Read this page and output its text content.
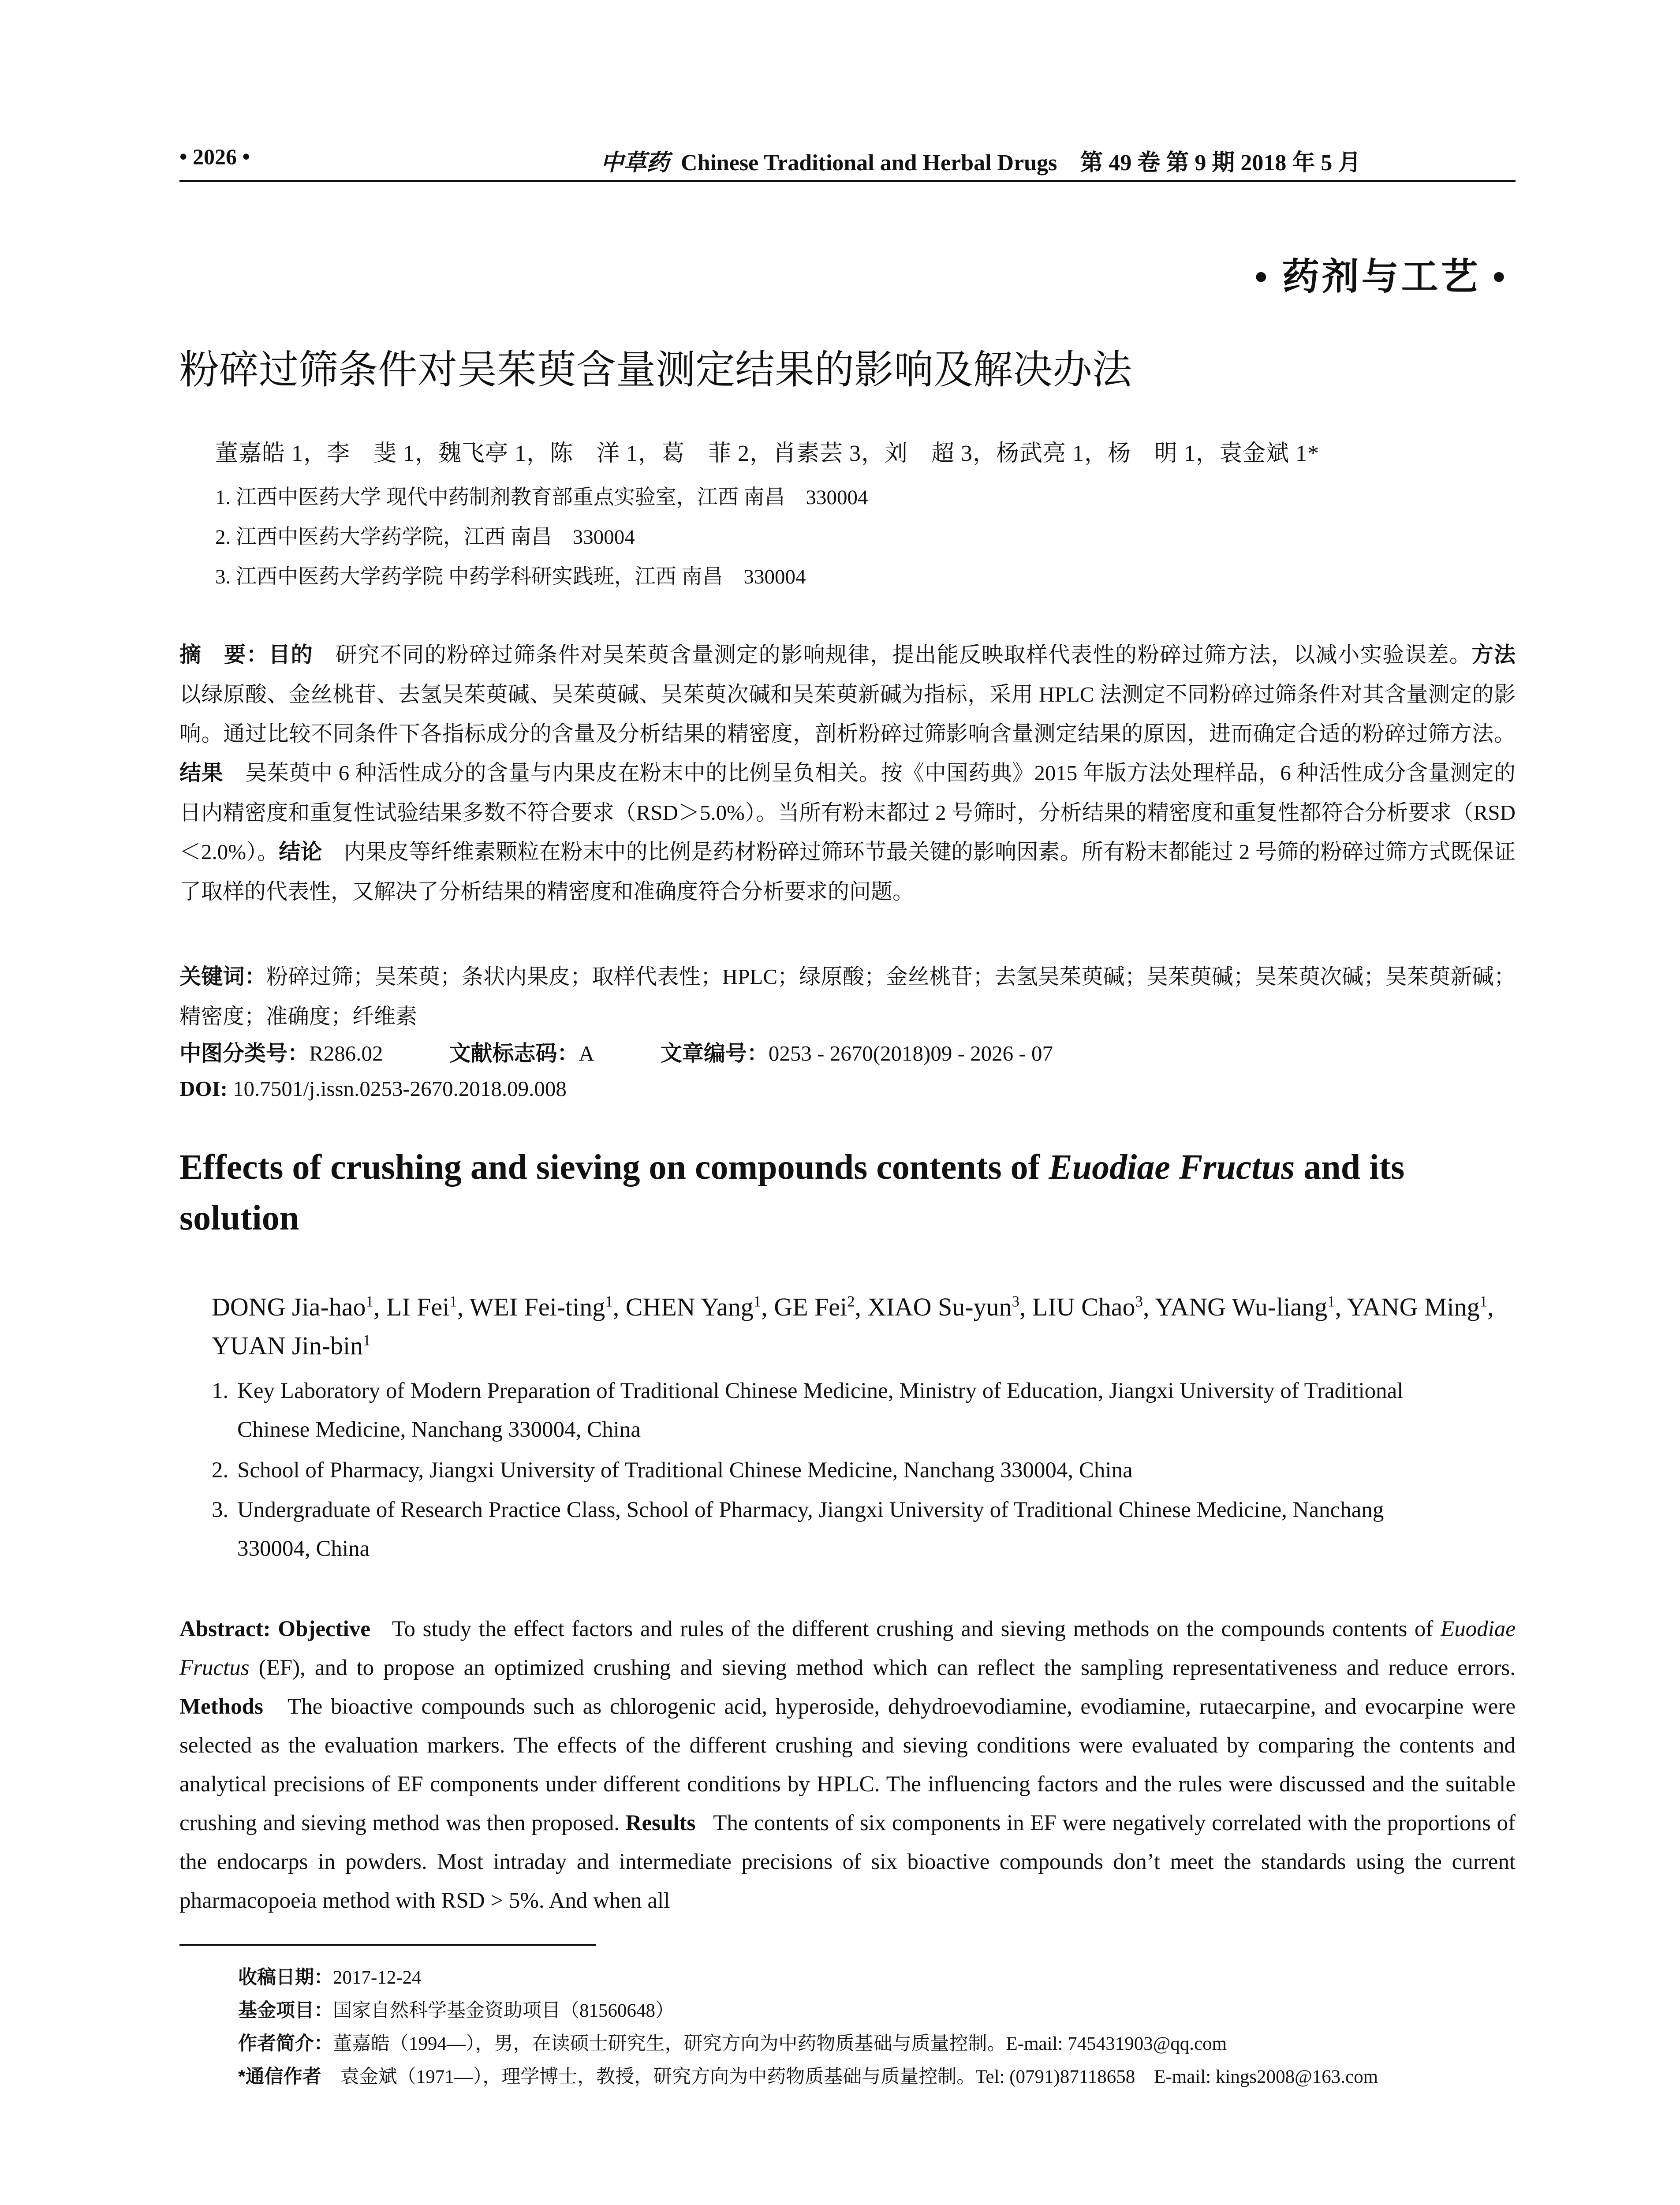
• 2026 •	中草药 Chinese Traditional and Herbal Drugs　第 49 卷 第 9 期 2018 年 5 月
• 药剂与工艺 •
粉碎过筛条件对吴茱萸含量测定结果的影响及解决办法
董嘉皓 1，李　斐 1，魏飞亭 1，陈　洋 1，葛　菲 2，肖素芸 3，刘　超 3，杨武亮 1，杨　明 1，袁金斌 1*
1. 江西中医药大学 现代中药制剂教育部重点实验室，江西 南昌　330004
2. 江西中医药大学药学院，江西 南昌　330004
3. 江西中医药大学药学院 中药学科研实践班，江西 南昌　330004
摘　要：目的　 研究不同的粉碎过筛条件对吴茱萸含量测定的影响规律，提出能反映取样代表性的粉碎过筛方法，以减小实验误差。方法　以绿原酸、金丝桃苷、去氢吴茱萸碱、吴茱萸碱、吴茱萸次碱和吴茱萸新碱为指标，采用 HPLC 法测定不同粉碎过筛条件对其含量测定的影响。通过比较不同条件下各指标成分的含量及分析结果的精密度，剖析粉碎过筛影响含量测定结果的原因，进而确定合适的粉碎过筛方法。结果　 吴茱萸中 6 种活性成分的含量与内果皮在粉末中的比例呈负相关。按《中国药典》2015 年版方法处理样品，6 种活性成分含量测定的日内精密度和重复性试验结果多数不符合要求（RSD＞5.0%）。当所有粉末都过 2 号筛时，分析结果的精密度和重复性都符合分析要求（RSD＜2.0%）。结论　 内果皮等纤维素颗粒在粉末中的比例是药材粉碎过筛环节最关键的影响因素。所有粉末都能过 2 号筛的粉碎过筛方式既保证了取样的代表性，又解决了分析结果的精密度和准确度符合分析要求的问题。
关键词：粉碎过筛；吴茱萸；条状内果皮；取样代表性；HPLC；绿原酸；金丝桃苷；去氢吴茱萸碱；吴茱萸碱；吴茱萸次碱；吴茱萸新碱；精密度；准确度；纤维素
中图分类号：R286.02	文献标志码：A	文章编号：0253 - 2670(2018)09 - 2026 - 07
DOI: 10.7501/j.issn.0253-2670.2018.09.008
Effects of crushing and sieving on compounds contents of Euodiae Fructus and its solution
DONG Jia-hao$^1$, LI Fei$^1$, WEI Fei-ting$^1$, CHEN Yang$^1$, GE Fei$^2$, XIAO Su-yun$^3$, LIU Chao$^3$, YANG Wu-liang$^1$, YANG Ming$^1$, YUAN Jin-bin$^1$
1. Key Laboratory of Modern Preparation of Traditional Chinese Medicine, Ministry of Education, Jiangxi University of Traditional
Chinese Medicine, Nanchang 330004, China
2. School of Pharmacy, Jiangxi University of Traditional Chinese Medicine, Nanchang 330004, China
3. Undergraduate of Research Practice Class, School of Pharmacy, Jiangxi University of Traditional Chinese Medicine, Nanchang
330004, China
Abstract: Objective To study the effect factors and rules of the different crushing and sieving methods on the compounds contents of Euodiae Fructus (EF), and to propose an optimized crushing and sieving method which can reflect the sampling representativeness and reduce errors. Methods The bioactive compounds such as chlorogenic acid, hyperoside, dehydroevodiamine, evodiamine, rutaecarpine, and evocarpine were selected as the evaluation markers. The effects of the different crushing and sieving conditions were evaluated by comparing the contents and analytical precisions of EF components under different conditions by HPLC. The influencing factors and the rules were discussed and the suitable crushing and sieving method was then proposed. Results The contents of six components in EF were negatively correlated with the proportions of the endocarps in powders. Most intraday and intermediate precisions of six bioactive compounds don’t meet the standards using the current pharmacopoeia method with RSD > 5%. And when all
收稿日期：2017-12-24
基金项目：国家自然科学基金资助项目（81560648）
作者简介：董嘉皓（1994—），男，在读硕士研究生，研究方向为中药物质基础与质量控制。E-mail: 745431903@qq.com
*通信作者　袁金斌（1971—），理学博士，教授，研究方向为中药物质基础与质量控制。Tel: (0791)87118658　E-mail: kings2008@163.com
